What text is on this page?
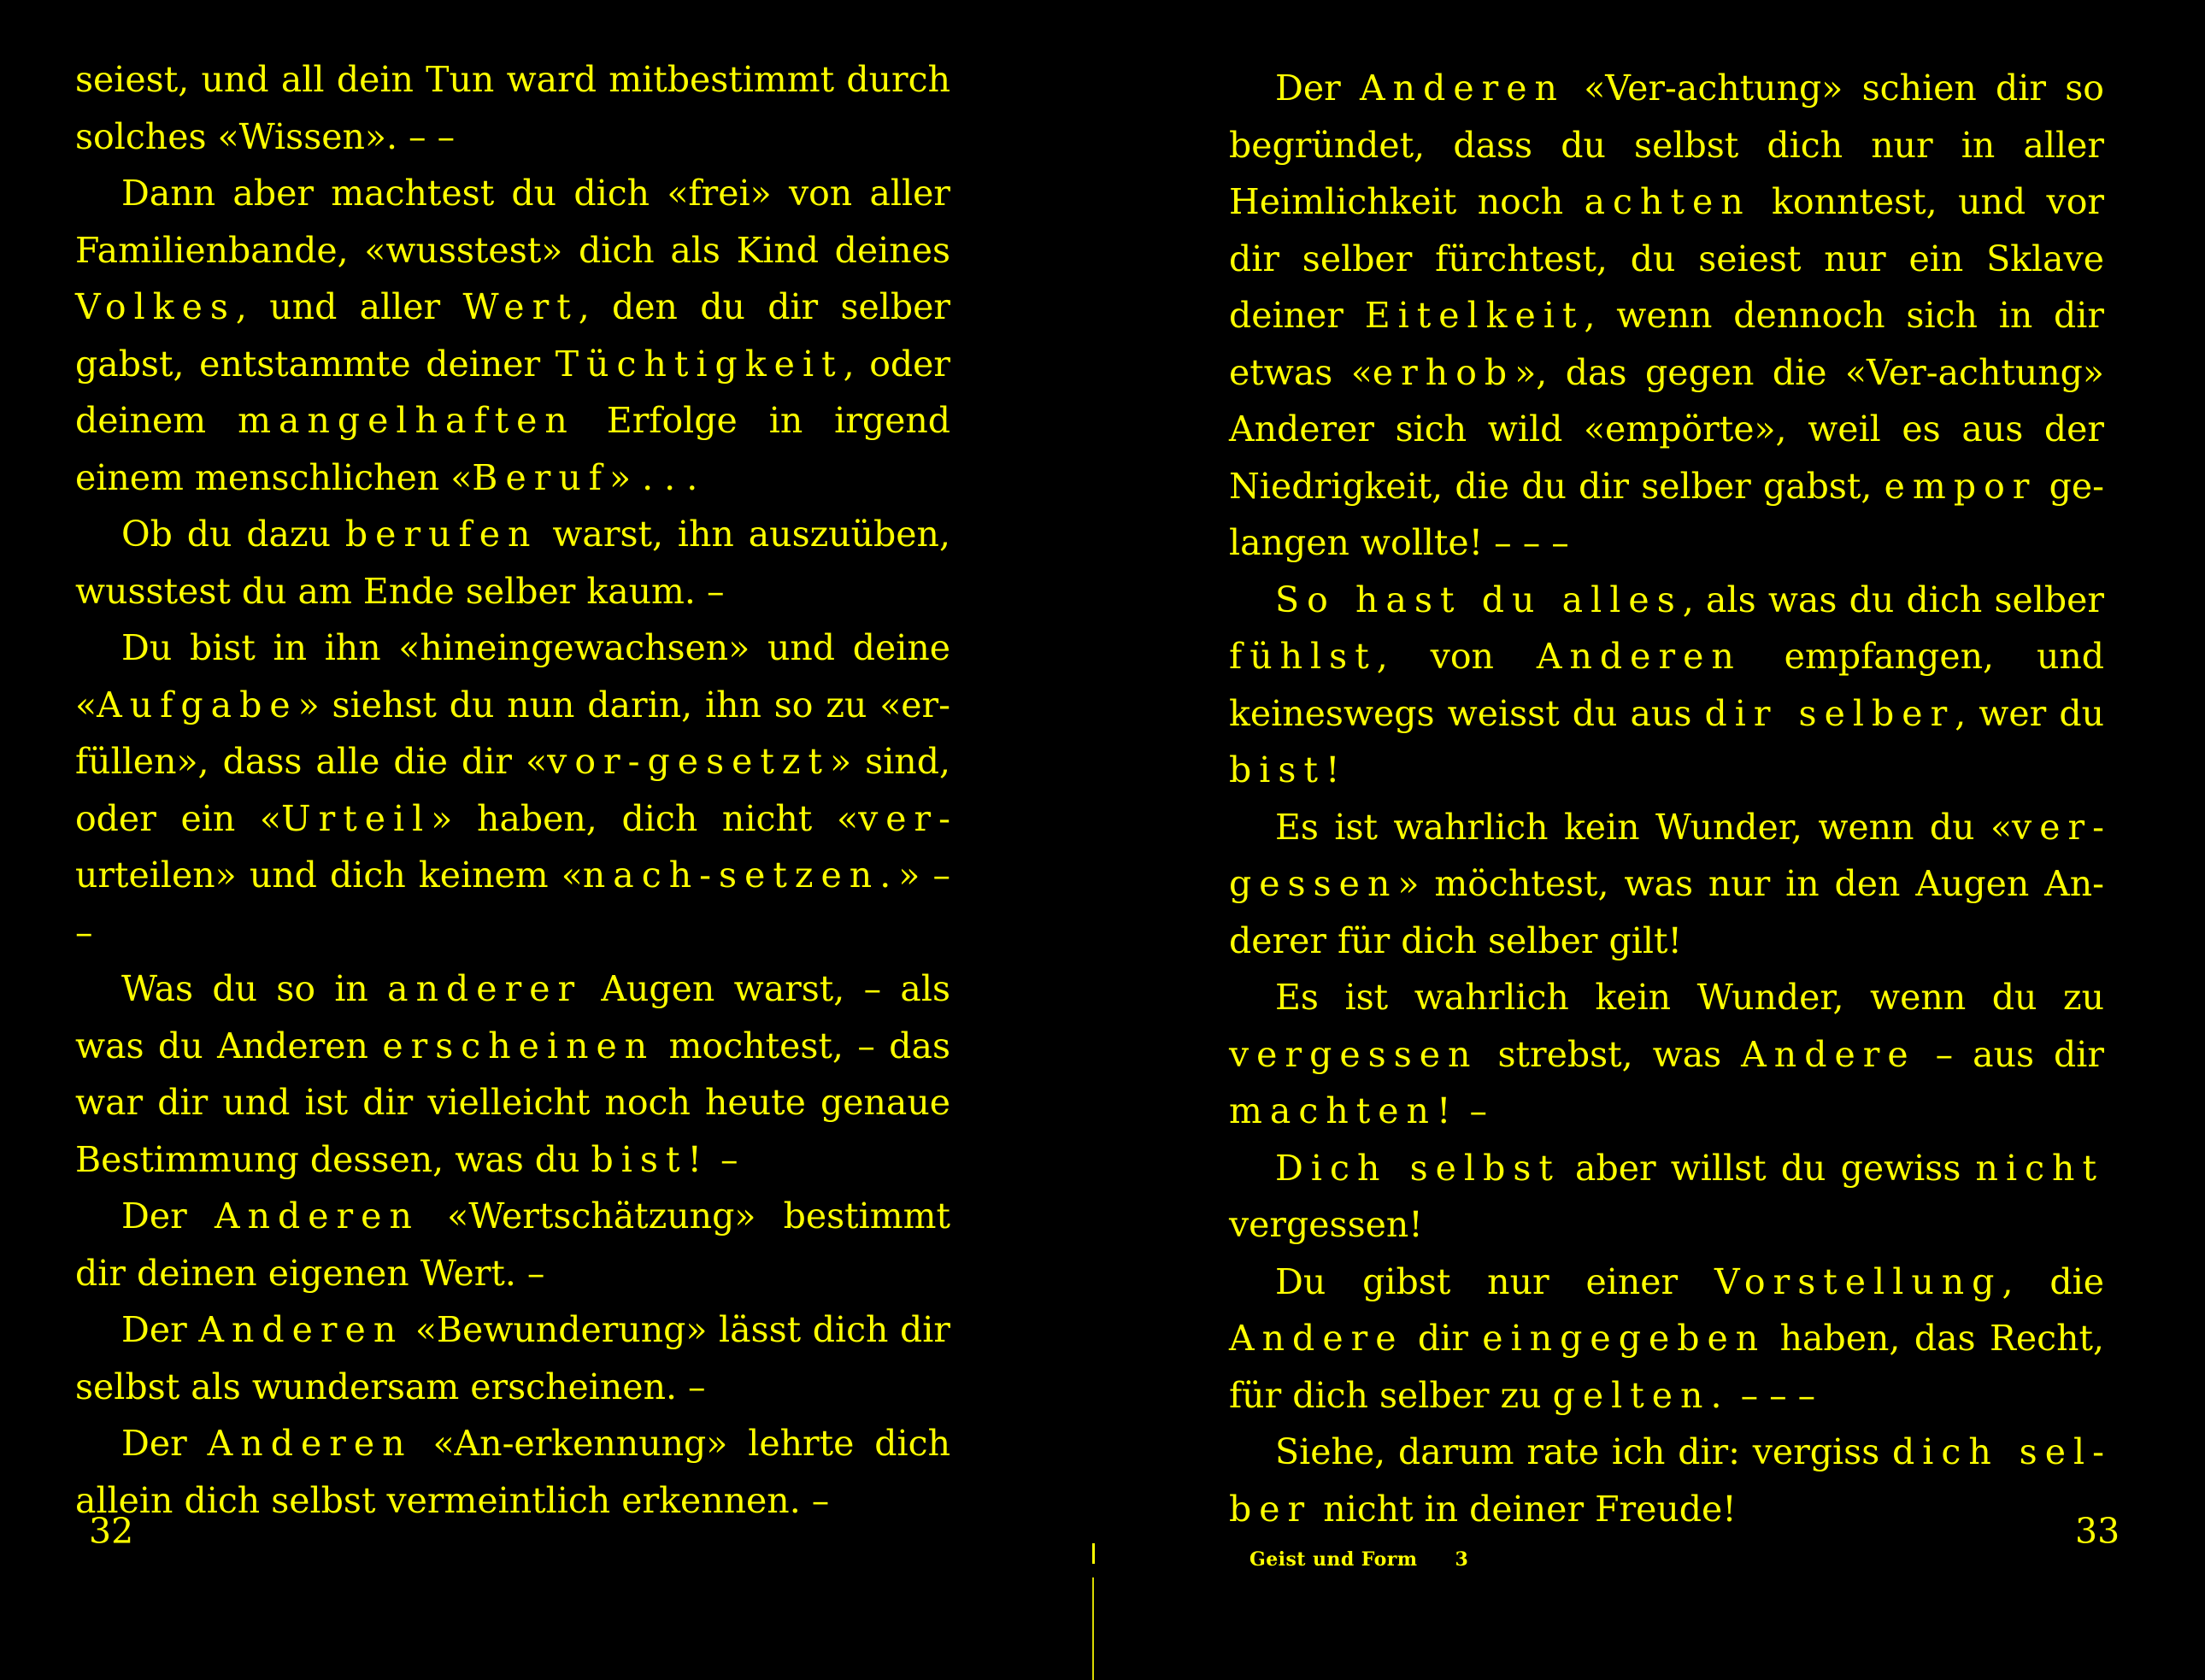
seiest, und all dein Tun ward mitbestimmt durch solches «Wissen». – –

Dann aber machtest du dich «frei» von aller Familienbande, «wusstest» dich als Kind deines Volkes, und aller Wert, den du dir selber gabst, entstammte deiner Tüchtigkeit, oder deinem mangelhaften Erfolge in irgend einem menschlichen «Beruf» . . .

Ob du dazu berufen warst, ihn auszuüben, wusstest du am Ende selber kaum. –

Du bist in ihn «hineingewachsen» und deine «Aufgabe» siehst du nun darin, ihn so zu «erfüllen», dass alle die dir «vor-gesetzt» sind, oder ein «Urteil» haben, dich nicht «verurteilen» und dich keinem «nach-setzen.» – –

Was du so in anderer Augen warst, – als was du Anderen erscheinen mochtest, – das war dir und ist dir vielleicht noch heute genaue Bestimmung dessen, was du bist! –

Der Anderen «Wertschätzung» bestimmt dir deinen eigenen Wert. –

Der Anderen «Bewunderung» lässt dich dir selbst als wundersam erscheinen. –

Der Anderen «An-erkennung» lehrte dich allein dich selbst vermeintlich erkennen. –

32

Der Anderen «Ver-achtung» schien dir so begründet, dass du selbst dich nur in aller Heimlichkeit noch achten konntest, und vor dir selber fürchtest, du seiest nur ein Sklave deiner Eitelkeit, wenn dennoch sich in dir etwas «erhob», das gegen die «Ver-achtung» Anderer sich wild «empörte», weil es aus der Niedrigkeit, die du dir selber gabst, empor gelangen wollte! – – –

So hast du alles, als was du dich selber fühlst, von Anderen empfangen, und keineswegs weisst du aus dir selber, wer du bist!

Es ist wahrlich kein Wunder, wenn du «vergessen» möchtest, was nur in den Augen Anderer für dich selber gilt!

Es ist wahrlich kein Wunder, wenn du zu vergessen strebst, was Andere – aus dir machten! –

Dich selbst aber willst du gewiss nicht vergessen!

Du gibst nur einer Vorstellung, die Andere dir eingegeben haben, das Recht, für dich selber zu gelten. – – –

Siehe, darum rate ich dir: vergiss dich selber nicht in deiner Freude!

Geist und Form 3
33
